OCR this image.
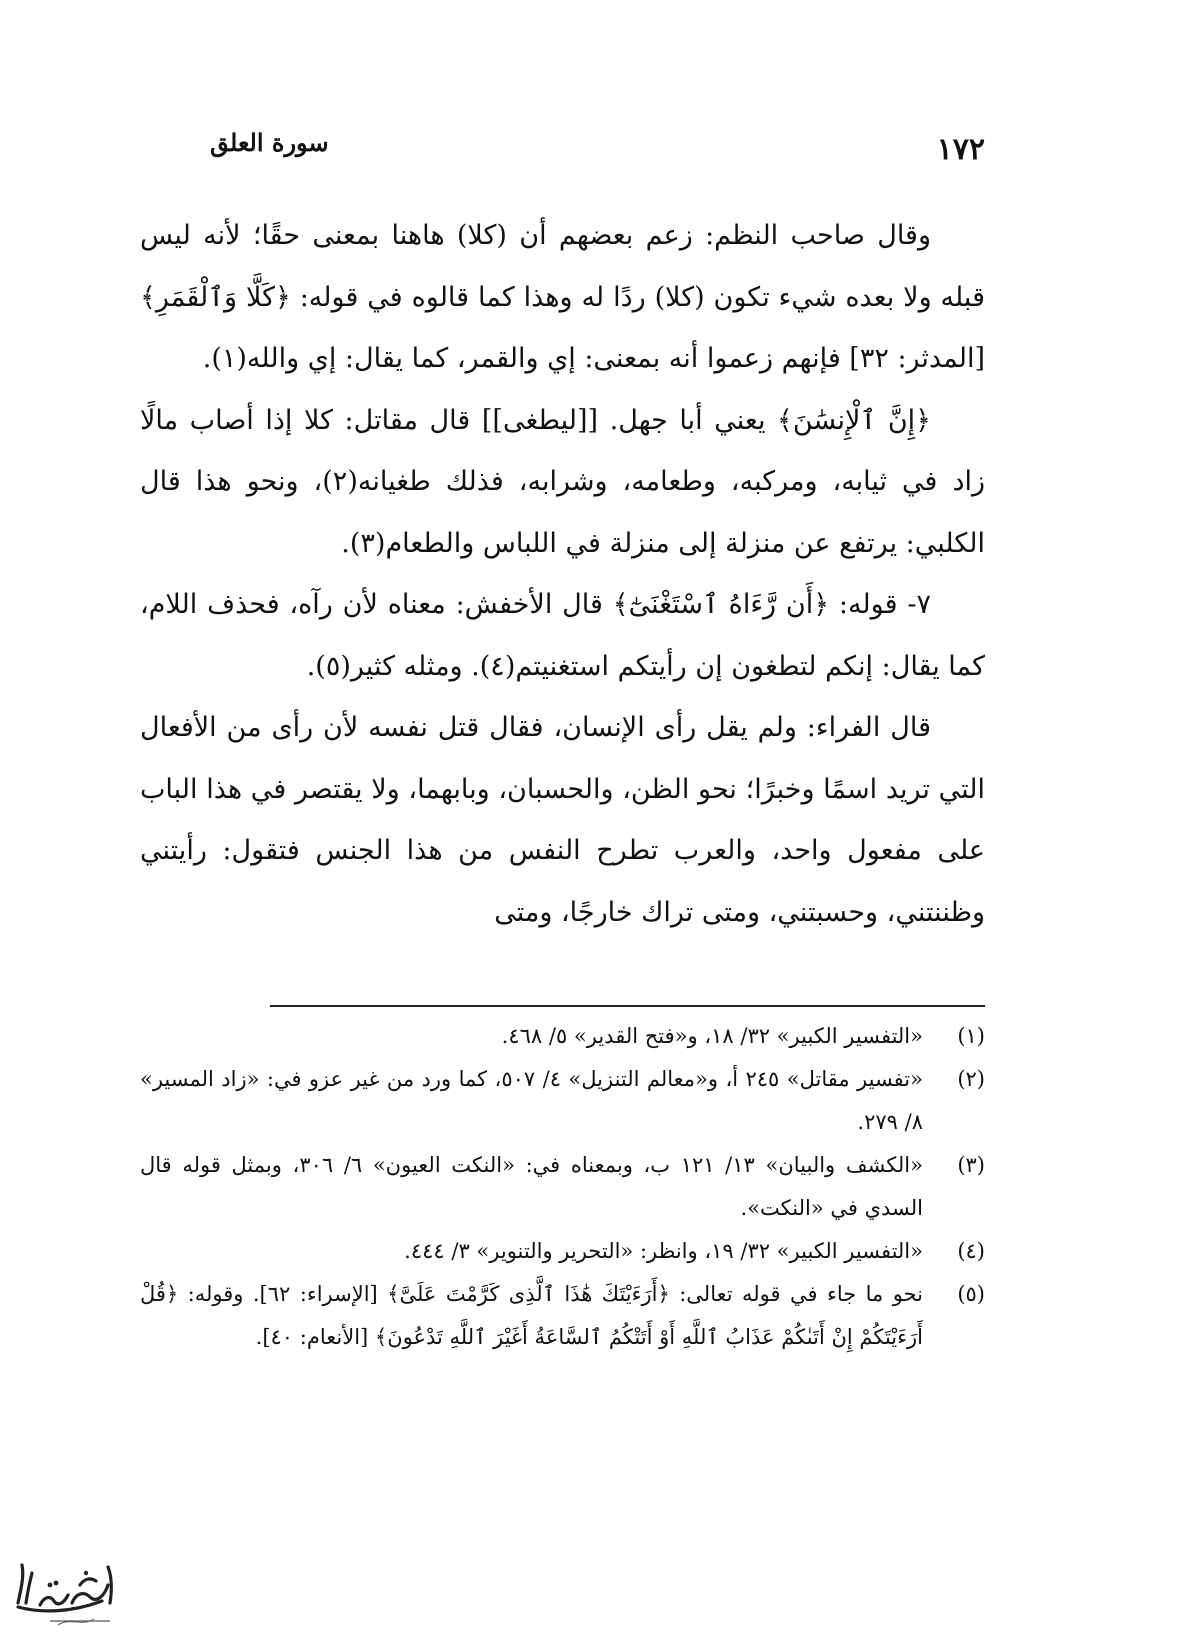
١٧٢
سورة العلق

وقال صاحب النظم: زعم بعضهم أن (كلا) هاهنا بمعنى حقًا؛ لأنه ليس قبله ولا بعده شيء تكون (كلا) ردًا له وهذا كما قالوه في قوله: ﴿كَلَّا وَٱلْقَمَرِ﴾ [المدثر: ٣٢] فإنهم زعموا أنه بمعنى: إي والقمر، كما يقال: إي والله(١).

﴿إِنَّ ٱلْإِنسَٰنَ﴾ يعني أبا جهل. [[ليطغى]] قال مقاتل: كلا إذا أصاب مالًا زاد في ثيابه، ومركبه، وطعامه، وشرابه، فذلك طغيانه(٢)، ونحو هذا قال الكلبي: يرتفع عن منزلة إلى منزلة في اللباس والطعام(٣).

٧- قوله: ﴿أَن رَّءَاهُ ٱسْتَغْنَىٰٓ﴾ قال الأخفش: معناه لأن رآه، فحذف اللام، كما يقال: إنكم لتطغون إن رأيتكم استغنيتم(٤). ومثله كثير(٥).

قال الفراء: ولم يقل رأى الإنسان، فقال قتل نفسه لأن رأى من الأفعال التي تريد اسمًا وخبرًا؛ نحو الظن، والحسبان، وبابهما، ولا يقتصر في هذا الباب على مفعول واحد، والعرب تطرح النفس من هذا الجنس فتقول: رأيتني وظننتني، وحسبتني، ومتى تراك خارجًا، ومتى

(١)
«التفسير الكبير» ٣٢/ ١٨، و«فتح القدير» ٥/ ٤٦٨.
(٢)
«تفسير مقاتل» ٢٤٥ أ، و«معالم التنزيل» ٤/ ٥٠٧، كما ورد من غير عزو في: «زاد المسير» ٨/ ٢٧٩.
(٣)
«الكشف والبيان» ١٣/ ١٢١ ب، وبمعناه في: «النكت العيون» ٦/ ٣٠٦، وبمثل قوله قال السدي في «النكت».
(٤)
«التفسير الكبير» ٣٢/ ١٩، وانظر: «التحرير والتنوير» ٣/ ٤٤٤.
(٥)
نحو ما جاء في قوله تعالى: ﴿أَرَءَيْتَكَ هَٰذَا ٱلَّذِى كَرَّمْتَ عَلَىَّ﴾ [الإسراء: ٦٢]. وقوله: ﴿قُلْ أَرَءَيْتَكُمْ إِنْ أَتَىٰكُمْ عَذَابُ ٱللَّهِ أَوْ أَتَتْكُمُ ٱلسَّاعَةُ أَغَيْرَ ٱللَّهِ تَدْعُونَ﴾ [الأنعام: ٤٠].
